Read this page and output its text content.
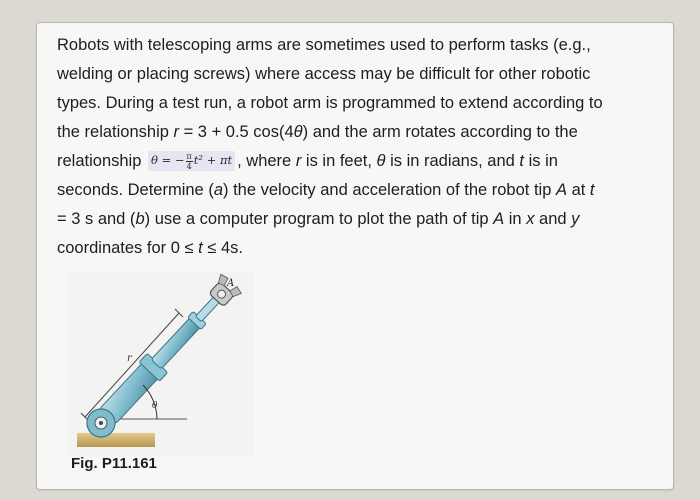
Robots with telescoping arms are sometimes used to perform tasks (e.g.,
welding or placing screws) where access may be difficult for other robotic
types. During a test run, a robot arm is programmed to extend according to
the relationship r = 3 + 0.5 cos(4θ) and the arm rotates according to the
relationship θ = − $\frac{\pi}{4} t^2 + \pi t$ , where r is in feet, θ is in radians, and t is in
seconds. Determine (a) the velocity and acceleration of the robot tip A at t
= 3 s and (b) use a computer program to plot the path of tip A in x and y
coordinates for 0 ≤ t ≤ 4s.

r
A
θ
Fig. P11.161
